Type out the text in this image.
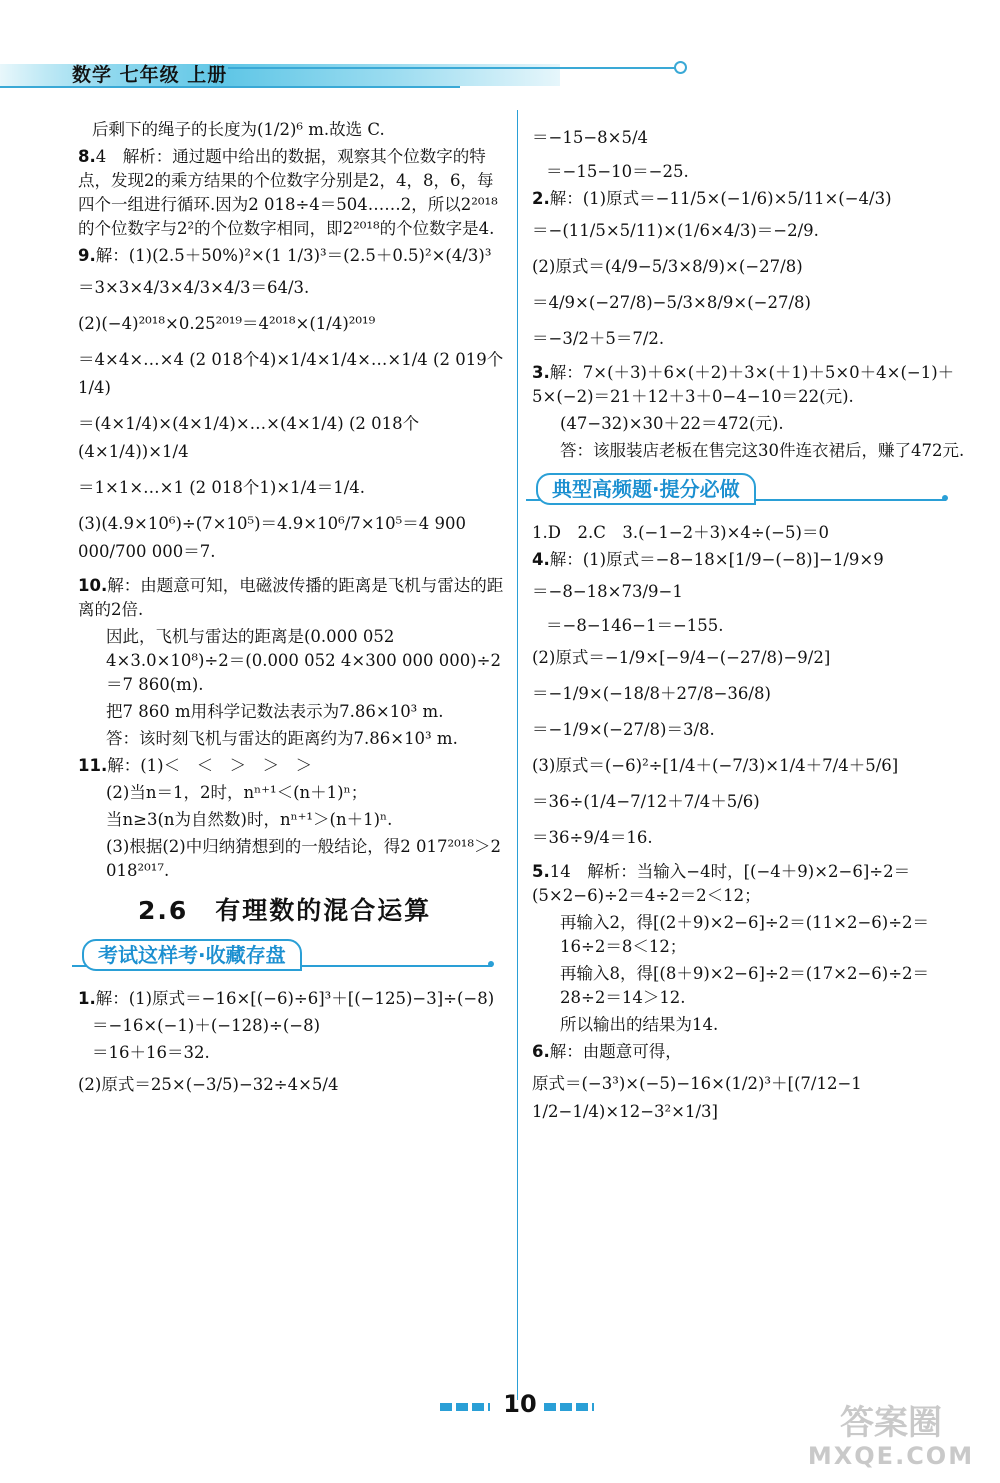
数学 七年级 上册
后剩下的绳子的长度为(1/2)⁶ m.故选 C.
8.4　解析：通过题中给出的数据，观察其个位数字的特点，发现2的乘方结果的个位数字分别是2，4，8，6，每四个一组进行循环.因为2 018÷4＝504……2，所以2²⁰¹⁸的个位数字与2²的个位数字相同，即2²⁰¹⁸的个位数字是4.
9.解：(1)(2.5＋50%)²×(1 1/3)³＝(2.5＋0.5)²×(4/3)³
＝3×3×4/3×4/3×4/3＝64/3.
(2)(−4)²⁰¹⁸×0.25²⁰¹⁹＝4²⁰¹⁸×(1/4)²⁰¹⁹
＝4×4×…×4 (2 018个4)×1/4×1/4×…×1/4 (2 019个1/4)
＝(4×1/4)×(4×1/4)×…×(4×1/4) (2 018个(4×1/4))×1/4
＝1×1×…×1 (2 018个1)×1/4＝1/4.
(3)(4.9×10⁶)÷(7×10⁵)＝4.9×10⁶/7×10⁵＝4 900 000/700 000＝7.
10.解：由题意可知，电磁波传播的距离是飞机与雷达的距离的2倍.
因此，飞机与雷达的距离是(0.000 052 4×3.0×10⁸)÷2＝(0.000 052 4×300 000 000)÷2＝7 860(m).
把7 860 m用科学记数法表示为7.86×10³ m.
答：该时刻飞机与雷达的距离约为7.86×10³ m.
11.解：(1)＜　＜　＞　＞　＞
(2)当n＝1，2时，nⁿ⁺¹＜(n＋1)ⁿ；
当n≥3(n为自然数)时，nⁿ⁺¹＞(n＋1)ⁿ.
(3)根据(2)中归纳猜想到的一般结论，得2 017²⁰¹⁸＞2 018²⁰¹⁷.
2.6　有理数的混合运算
考试这样考·收藏存盘
1.解：(1)原式＝−16×[(−6)÷6]³＋[(−125)−3]÷(−8)
＝−16×(−1)＋(−128)÷(−8)
＝16＋16＝32.
(2)原式＝25×(−3/5)−32÷4×5/4
＝−15−8×5/4
＝−15−10＝−25.
2.解：(1)原式＝−11/5×(−1/6)×5/11×(−4/3)
＝−(11/5×5/11)×(1/6×4/3)＝−2/9.
(2)原式＝(4/9−5/3×8/9)×(−27/8)
＝4/9×(−27/8)−5/3×8/9×(−27/8)
＝−3/2＋5＝7/2.
3.解：7×(＋3)＋6×(＋2)＋3×(＋1)＋5×0＋4×(−1)＋5×(−2)＝21＋12＋3＋0−4−10＝22(元).
(47−32)×30＋22＝472(元).
答：该服装店老板在售完这30件连衣裙后，赚了472元.
典型高频题·提分必做
1.D　2.C　3.(−1−2＋3)×4÷(−5)＝0
4.解：(1)原式＝−8−18×[1/9−(−8)]−1/9×9
＝−8−18×73/9−1
＝−8−146−1＝−155.
(2)原式＝−1/9×[−9/4−(−27/8)−9/2]
＝−1/9×(−18/8＋27/8−36/8)
＝−1/9×(−27/8)＝3/8.
(3)原式＝(−6)²÷[1/4＋(−7/3)×1/4＋7/4＋5/6]
＝36÷(1/4−7/12＋7/4＋5/6)
＝36÷9/4＝16.
5.14　解析：当输入−4时，[(−4＋9)×2−6]÷2＝(5×2−6)÷2＝4÷2＝2＜12；
再输入2，得[(2＋9)×2−6]÷2＝(11×2−6)÷2＝16÷2＝8＜12；
再输入8，得[(8＋9)×2−6]÷2＝(17×2−6)÷2＝28÷2＝14＞12.
所以输出的结果为14.
6.解：由题意可得，
原式＝(−3³)×(−5)−16×(1/2)³＋[(7/12−1 1/2−1/4)×12−3²×1/3]
10	答案圈
MXQE.COM
